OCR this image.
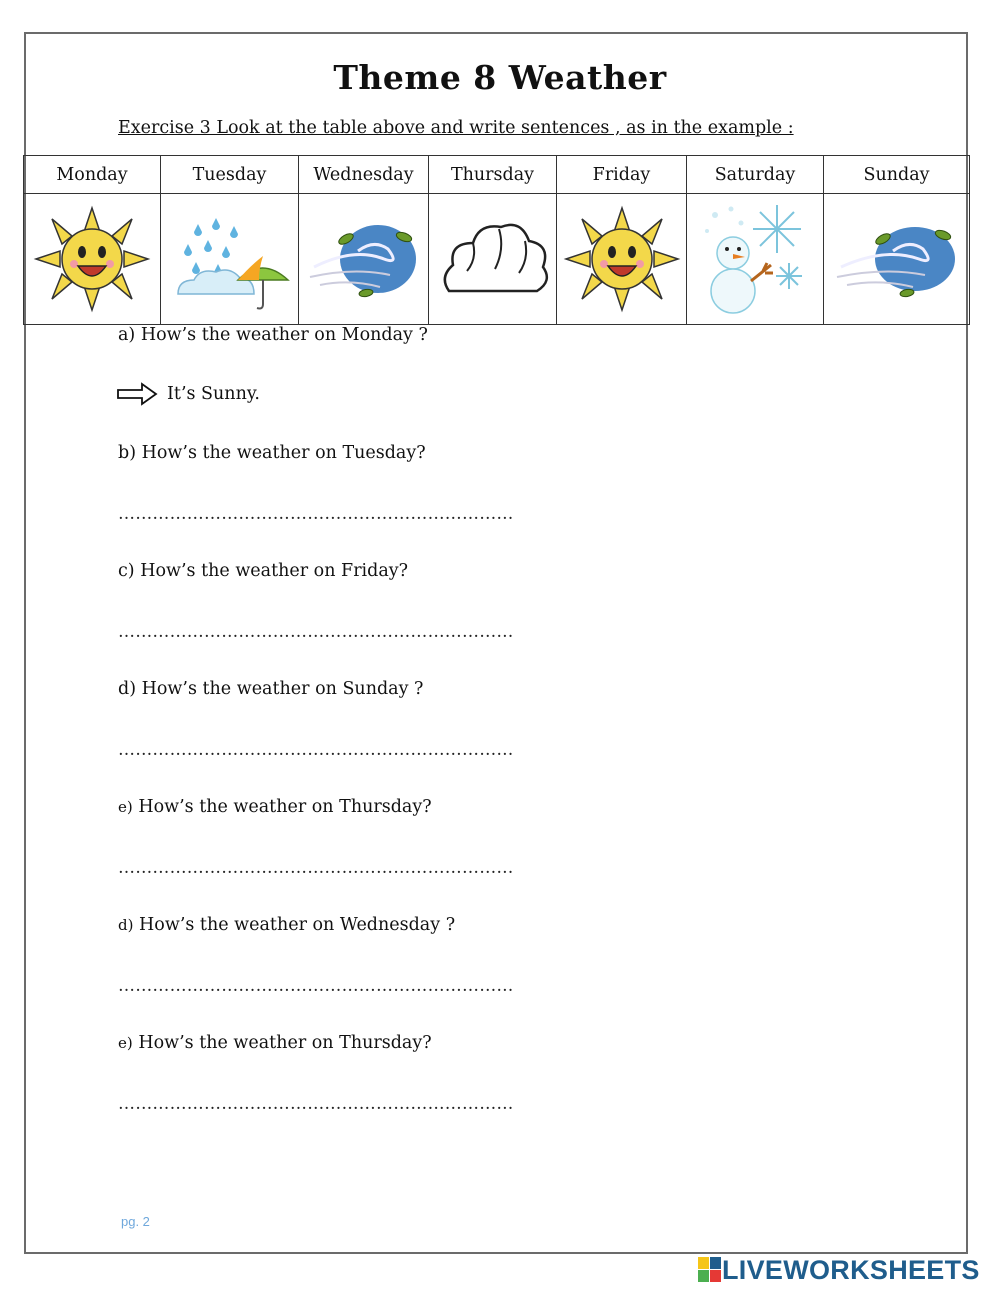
Theme 8 Weather
Exercise 3 Look at the table above and write sentences , as in the example :
Monday	Tuesday	Wednesday	Thursday	Friday	Saturday	Sunday

a) How’s the weather on Monday ?
It’s Sunny.
b) How’s the weather on Tuesday?
……………………………………………………………
c) How’s the weather on Friday?
……………………………………………………………
d) How’s the weather on Sunday ?
……………………………………………………………
e) How’s the weather on Thursday?
……………………………………………………………
d) How’s the weather on Wednesday ?
……………………………………………………………
e) How’s the weather on Thursday?
……………………………………………………………
pg. 2
LIVEWORKSHEETS
